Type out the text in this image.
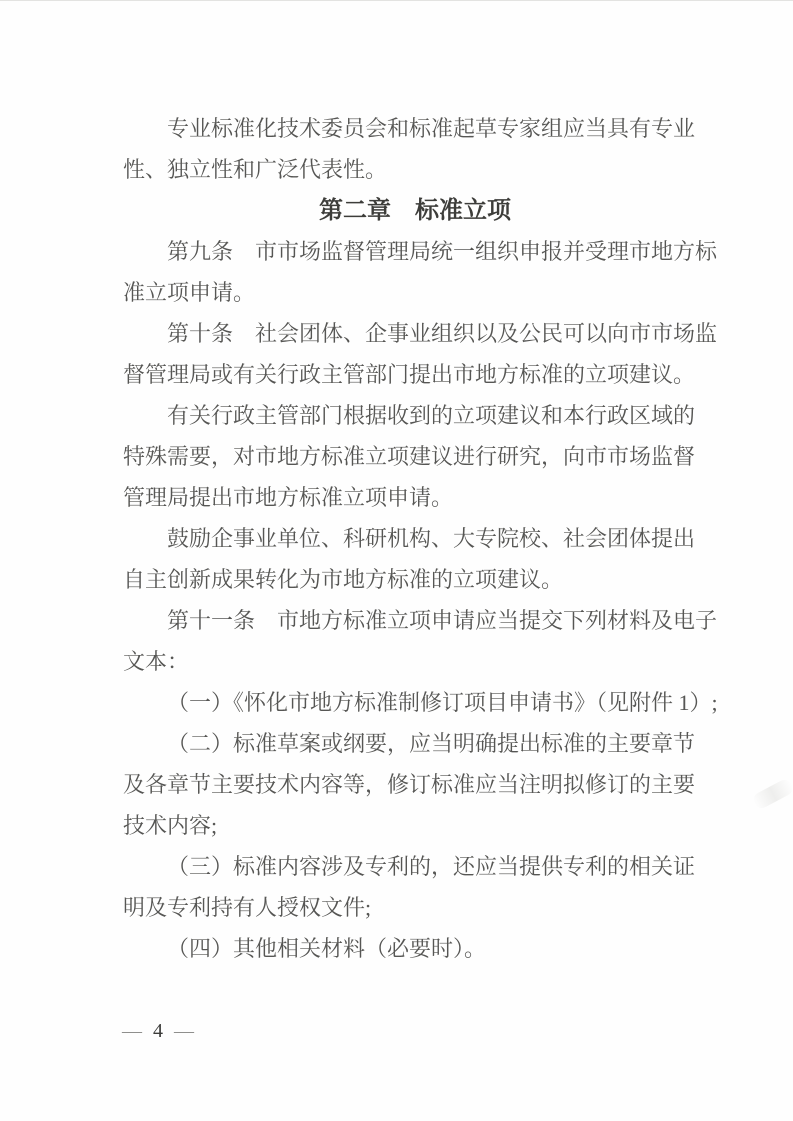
专业标准化技术委员会和标准起草专家组应当具有专业
性、独立性和广泛代表性。
第二章　标准立项
第九条　市市场监督管理局统一组织申报并受理市地方标
准立项申请。
第十条　社会团体、企事业组织以及公民可以向市市场监
督管理局或有关行政主管部门提出市地方标准的立项建议。
有关行政主管部门根据收到的立项建议和本行政区域的
特殊需要，对市地方标准立项建议进行研究，向市市场监督
管理局提出市地方标准立项申请。
鼓励企事业单位、科研机构、大专院校、社会团体提出
自主创新成果转化为市地方标准的立项建议。
第十一条　市地方标准立项申请应当提交下列材料及电子
文本：
（一）《怀化市地方标准制修订项目申请书》（见附件 1）;
（二）标准草案或纲要，应当明确提出标准的主要章节
及各章节主要技术内容等，修订标准应当注明拟修订的主要
技术内容;
（三）标准内容涉及专利的，还应当提供专利的相关证
明及专利持有人授权文件;
（四）其他相关材料（必要时）。
— 4 —
